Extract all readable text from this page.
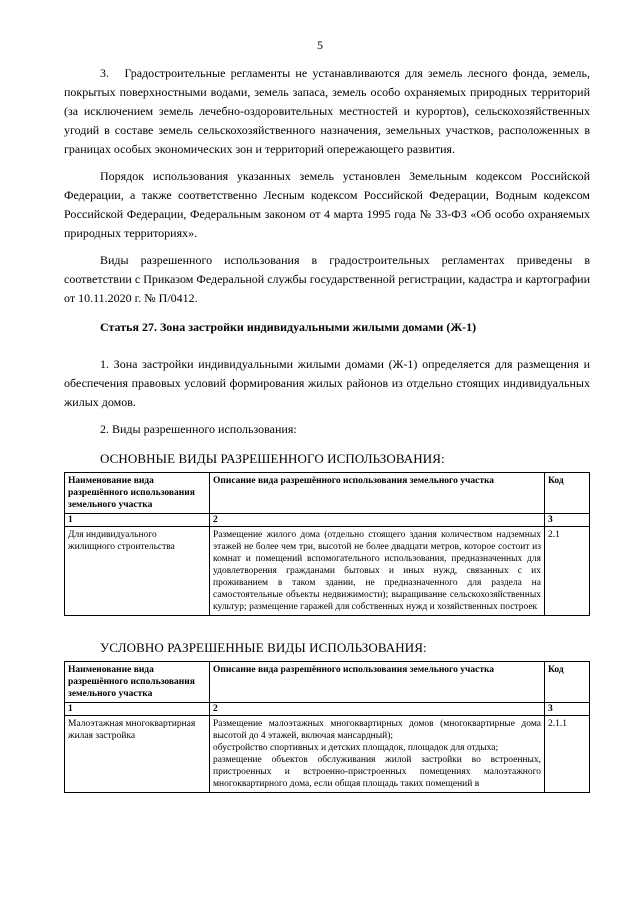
5

3.   Градостроительные регламенты не устанавливаются для земель лесного фонда, земель, покрытых поверхностными водами, земель запаса, земель особо охраняемых природных территорий (за исключением земель лечебно-оздоровительных местностей и курортов), сельскохозяйственных угодий в составе земель сельскохозяйственного назначения, земельных участков, расположенных в границах особых экономических зон и территорий опережающего развития.

Порядок использования указанных земель установлен Земельным кодексом Российской Федерации, а также соответственно Лесным кодексом Российской Федерации, Водным кодексом Российской Федерации, Федеральным законом от 4 марта 1995 года № 33-ФЗ «Об особо охраняемых природных территориях».

Виды разрешенного использования в градостроительных регламентах приведены в соответствии с Приказом Федеральной службы государственной регистрации, кадастра и картографии от 10.11.2020 г. № П/0412.

Статья 27. Зона застройки индивидуальными жилыми домами (Ж-1)

1. Зона застройки индивидуальными жилыми домами (Ж-1) определяется для размещения и обеспечения правовых условий формирования жилых районов из отдельно стоящих индивидуальных жилых домов.

2. Виды разрешенного использования:

ОСНОВНЫЕ ВИДЫ РАЗРЕШЕННОГО ИСПОЛЬЗОВАНИЯ:
Наименование вида разрешённого использования земельного участка	Описание вида разрешённого использования земельного участка	Код
1	2	3
Для индивидуального жилищного строительства	Размещение жилого дома (отдельно стоящего здания количеством надземных этажей не более чем три, высотой не более двадцати метров, которое состоит из комнат и помещений вспомогательного использования, предназначенных для удовлетворения гражданами бытовых и иных нужд, связанных с их проживанием в таком здании, не предназначенного для раздела на самостоятельные объекты недвижимости); выращивание сельскохозяйственных культур; размещение гаражей для собственных нужд и хозяйственных построек	2.1
УСЛОВНО РАЗРЕШЕННЫЕ ВИДЫ ИСПОЛЬЗОВАНИЯ:
Наименование вида разрешённого использования земельного участка	Описание вида разрешённого использования земельного участка	Код
1	2	3
Малоэтажная многоквартирная жилая застройка	Размещение малоэтажных многоквартирных домов (многоквартирные дома высотой до 4 этажей, включая мансардный);
обустройство спортивных и детских площадок, площадок для отдыха;
размещение объектов обслуживания жилой застройки во встроенных, пристроенных и встроенно-пристроенных помещениях малоэтажного многоквартирного дома, если общая площадь таких помещений в	2.1.1
